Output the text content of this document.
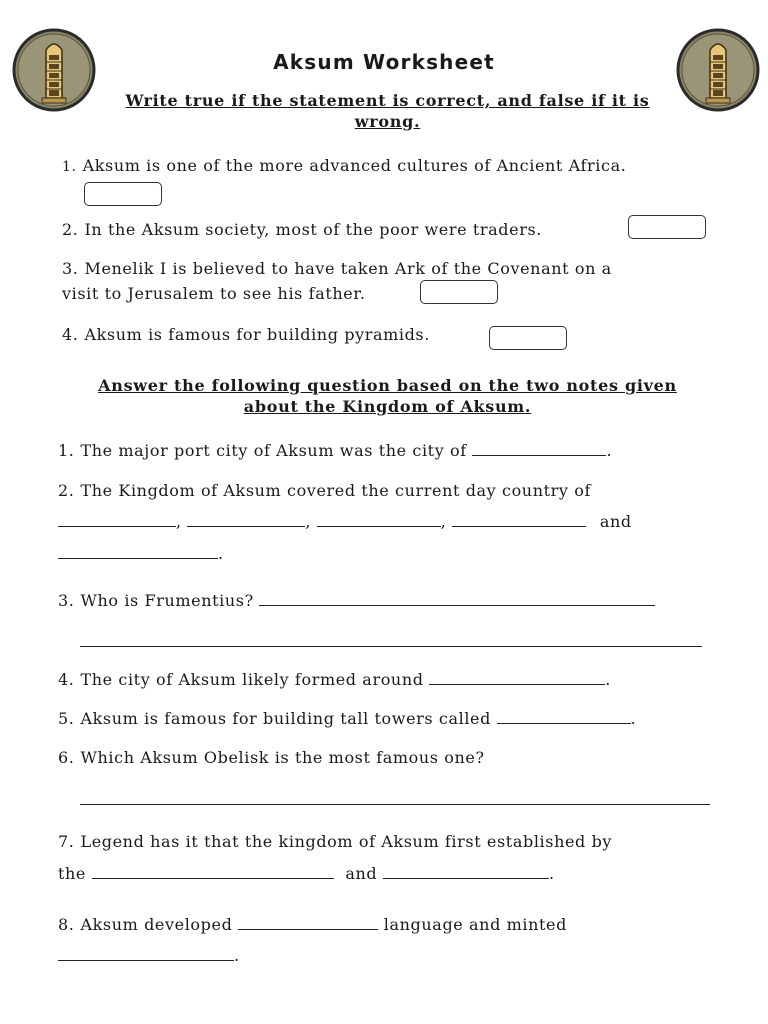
Aksum Worksheet
Write true if the statement is correct, and false if it is
wrong.
1. Aksum is one of the more advanced cultures of Ancient Africa.
2. In the Aksum society, most of the poor were traders.
3. Menelik I is believed to have taken Ark of the Covenant on a
visit to Jerusalem to see his father.
4. Aksum is famous for building pyramids.
Answer the following question based on the two notes given
about the Kingdom of Aksum.
1. The major port city of Aksum was the city of	.
2. The Kingdom of Aksum covered the current day country of
,	,	,	and
.
3. Who is Frumentius?
4. The city of Aksum likely formed around	.
5. Aksum is famous for building tall towers called	.
6. Which Aksum Obelisk is the most famous one?
7. Legend has it that the kingdom of Aksum first established by
the	and	.
8. Aksum developed	language and minted
.
